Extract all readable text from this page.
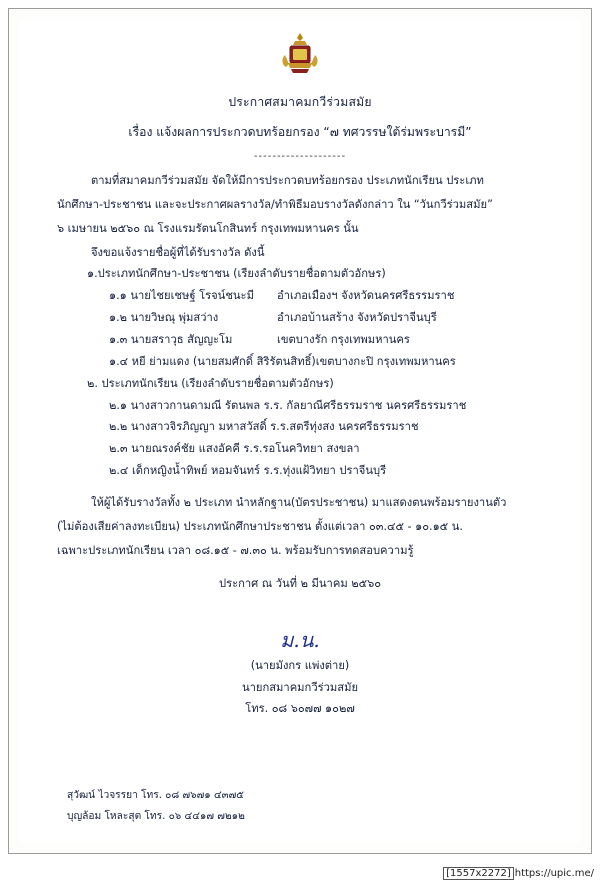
ประกาศสมาคมกวีร่วมสมัย
เรื่อง แจ้งผลการประกวดบทร้อยกรอง “๗ ทศวรรษใต้ร่มพระบารมี”
--------------------
ตามที่สมาคมกวีร่วมสมัย จัดให้มีการประกวดบทร้อยกรอง ประเภทนักเรียน ประเภท
นักศึกษา-ประชาชน และจะประกาศผลรางวัล/ทำพิธีมอบรางวัลดังกล่าว ใน “วันกวีร่วมสมัย”
๖ เมษายน ๒๕๖๐ ณ โรงแรมรัตนโกสินทร์ กรุงเทพมหานคร นั้น
จึงขอแจ้งรายชื่อผู้ที่ได้รับรางวัล ดังนี้
๑.ประเภทนักศึกษา-ประชาชน (เรียงลำดับรายชื่อตามตัวอักษร)
๑.๑ นายไชยเชษฐ์ โรจน์ชนะมี	อำเภอเมืองฯ จังหวัดนครศรีธรรมราช
๑.๒ นายวิษณุ พุ่มสว่าง	อำเภอบ้านสร้าง จังหวัดปราจีนบุรี
๑.๓ นายสราวุธ สัญญะโม	เขตบางรัก กรุงเทพมหานคร
๑.๔ หยี ย่ามแดง (นายสมศักดิ์ สิริรัตนสิทธิ์) เขตบางกะปิ กรุงเทพมหานคร
๒. ประเภทนักเรียน (เรียงลำดับรายชื่อตามตัวอักษร)
๒.๑ นางสาวกานดามณี รัตนพล ร.ร. กัลยาณีศรีธรรมราช นครศรีธรรมราช
๒.๒ นางสาวจิรภิญญา มหาสวัสดิ์ ร.ร.สตรีทุ่งสง นครศรีธรรมราช
๒.๓ นายณรงค์ชัย แสงอัคคี ร.ร.รอโนควิทยา สงขลา
๒.๔ เด็กหญิงน้ำทิพย์ หอมจันทร์ ร.ร.ทุ่งแฝ้วิทยา ปราจีนบุรี
ให้ผู้ได้รับรางวัลทั้ง ๒ ประเภท นำหลักฐาน(บัตรประชาชน) มาแสดงตนพร้อมรายงานตัว
(ไม่ต้องเสียค่าลงทะเบียน) ประเภทนักศึกษาประชาชน ตั้งแต่เวลา ๐๓.๔๕ - ๑๐.๑๕ น.
เฉพาะประเภทนักเรียน เวลา ๐๘.๑๕ - ๗.๓๐ น. พร้อมรับการทดสอบความรู้
ประกาศ ณ วันที่ ๒ มีนาคม ๒๕๖๐
ม.น.
(นายมังกร แพ่งต่าย)
นายกสมาคมกวีร่วมสมัย
โทร. ๐๘ ๖๐๗๗ ๑๐๒๗
สุวัฒน์ ไวจรรยา โทร. ๐๘ ๗๖๗๑ ๔๓๗๕
บุญล้อม โหละสุต โทร. ๐๖ ๔๔๑๗ ๗๒๑๒
[1557x2272] https://upic.me/
